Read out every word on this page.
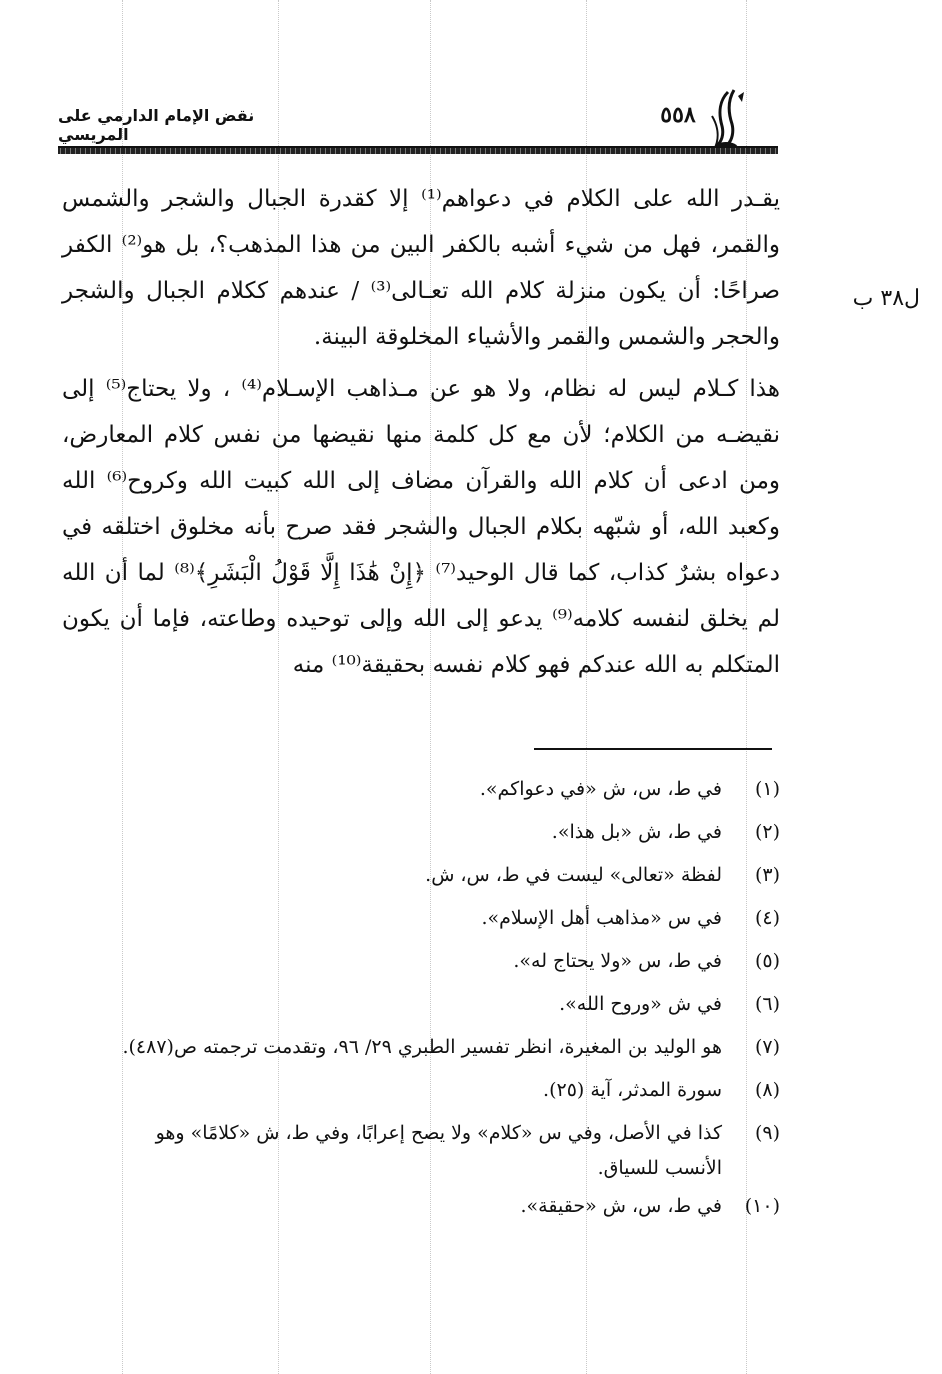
نقض الإمام الدارمي على المريسي
٥٥٨
ل٣٨ ب

يقـدر الله على الكلام في دعواهم⁽¹⁾ إلا كقدرة الجبال والشجر والشمس والقمر، فهل من شيء أشبه بالكفر البين من هذا المذهب؟، بل هو⁽²⁾ الكفر صراحًا: أن يكون منزلة كلام الله تعـالى⁽³⁾ / عندهم ككلام الجبال والشجر والحجر والشمس والقمر والأشياء المخلوقة البينة.

هذا كـلام ليس له نظام، ولا هو عن مـذاهب الإسـلام⁽⁴⁾ ، ولا يحتاج⁽⁵⁾ إلى نقيضـه من الكلام؛ لأن مع كل كلمة منها نقيضها من نفس كلام المعارض، ومن ادعى أن كلام الله والقرآن مضاف إلى الله كبيت الله وكروح⁽⁶⁾ الله وكعبد الله، أو شبّهه بكلام الجبال والشجر فقد صرح بأنه مخلوق اختلقه في دعواه بشرٌ كذاب، كما قال الوحيد⁽⁷⁾ ﴿إِنْ هَٰذَا إِلَّا قَوْلُ الْبَشَرِ﴾⁽⁸⁾ لما أن الله لم يخلق لنفسه كلامه⁽⁹⁾ يدعو إلى الله وإلى توحيده وطاعته، فإما أن يكون المتكلم به الله عندكم فهو كلام نفسه بحقيقة⁽¹⁰⁾ منه

(١)
في ط، س، ش «في دعواكم».
(٢)
في ط، ش «بل هذا».
(٣)
لفظة «تعالى» ليست في ط، س، ش.
(٤)
في س «مذاهب أهل الإسلام».
(٥)
في ط، س «ولا يحتاج له».
(٦)
في ش «وروح الله».
(٧)
هو الوليد بن المغيرة، انظر تفسير الطبري ٢٩/ ٩٦، وتقدمت ترجمته ص(٤٨٧).
(٨)
سورة المدثر، آية (٢٥).
(٩)
كذا في الأصل، وفي س «كلام» ولا يصح إعرابًا، وفي ط، ش «كلامًا» وهو
الأنسب للسياق.
(١٠)
في ط، س، ش «حقيقة».
